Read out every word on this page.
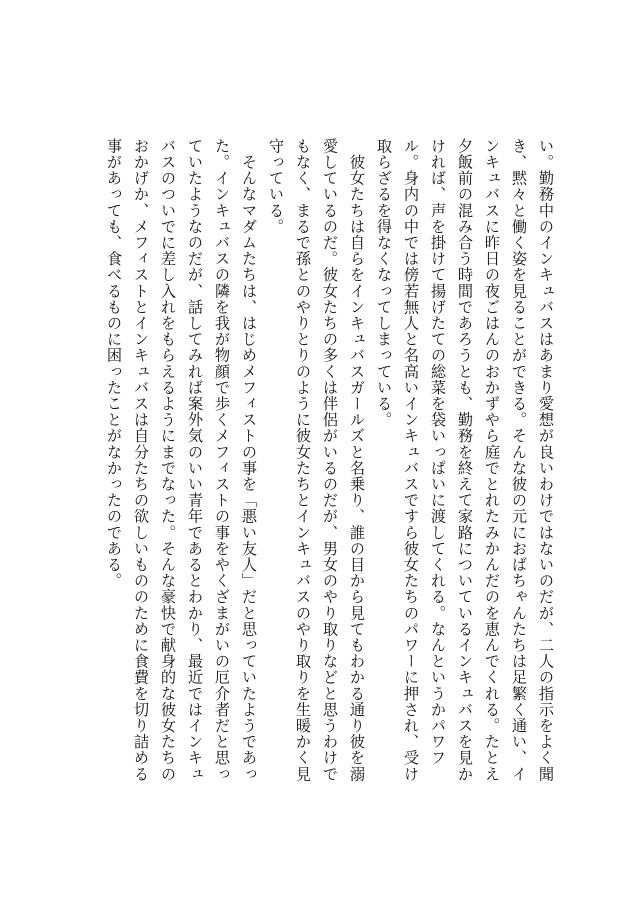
い。勤務中のインキュバスはあまり愛想が良いわけではないのだが、二人の指示をよく聞き、黙々と働く姿を見ることができる。そんな彼の元におばちゃんたちは足繁く通い、インキュバスに昨日の夜ごはんのおかずやら庭でとれたみかんだのを恵んでくれる。たとえ夕飯前の混み合う時間であろうとも、勤務を終えて家路についているインキュバスを見かければ、声を掛けて揚げたての総菜を袋いっぱいに渡してくれる。なんというかパワフル。身内の中では傍若無人と名高いインキュバスですら彼女たちのパワーに押され、受け取らざるを得なくなってしまっている。

　彼女たちは自らをインキュバスガールズと名乗り、誰の目から見てもわかる通り彼を溺愛しているのだ。彼女たちの多くは伴侶がいるのだが、男女のやり取りなどと思うわけでもなく、まるで孫とのやりとりのように彼女たちとインキュバスのやり取りを生暖かく見守っている。

　そんなマダムたちは、はじめメフィストの事を「悪い友人」だと思っていたようであった。インキュバスの隣を我が物顔で歩くメフィストの事をやくざまがいの厄介者だと思っていたようなのだが、話してみれば案外気のいい青年であるとわかり、最近ではインキュバスのついでに差し入れをもらえるようにまでなった。そんな豪快で献身的な彼女たちのおかげか、メフィストとインキュバスは自分たちの欲しいもののために食費を切り詰める事があっても、食べるものに困ったことがなかったのである。
